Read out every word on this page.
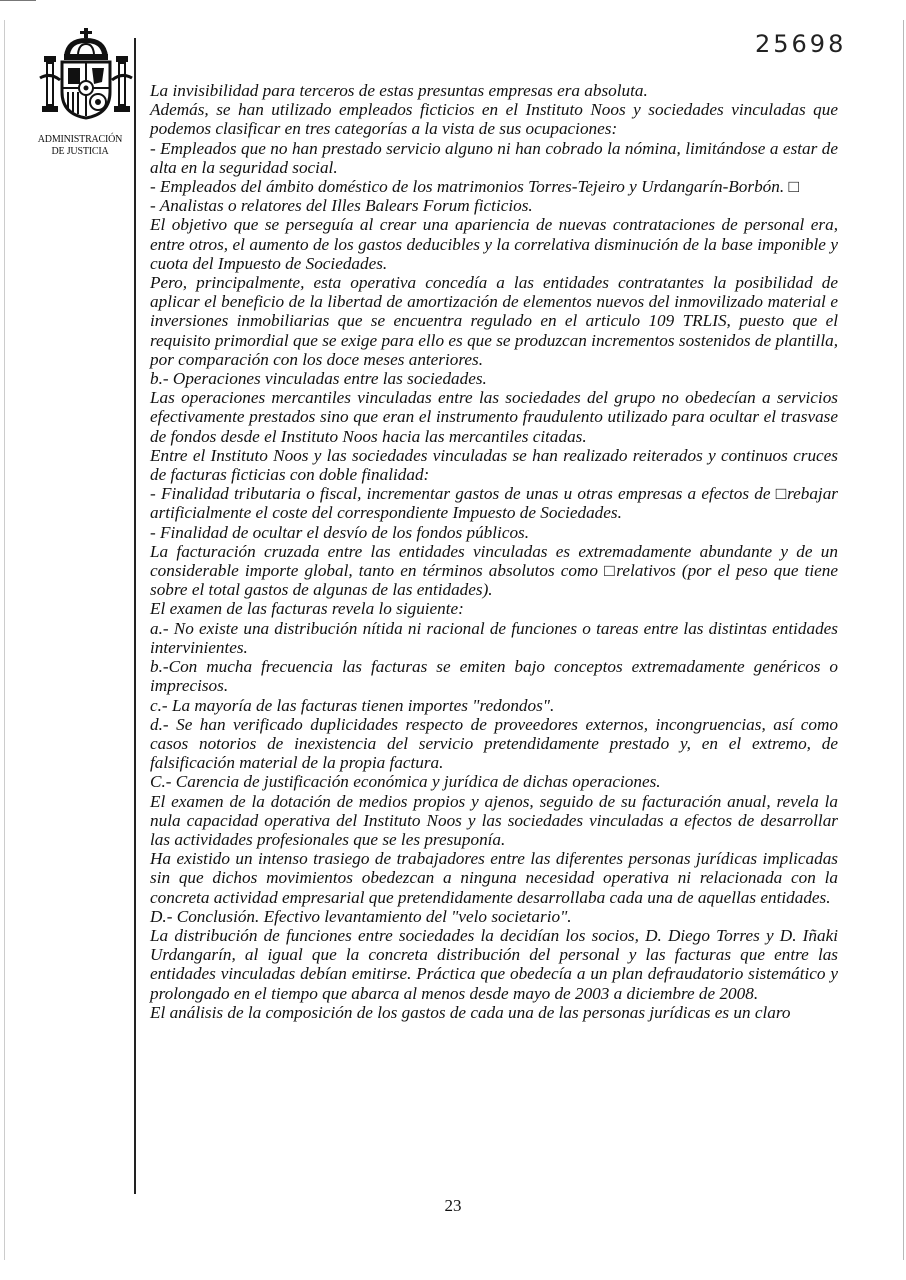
ADMINISTRACIÓN
DE JUSTICIA
25698

La invisibilidad para terceros de estas presuntas empresas era absoluta.

Además, se han utilizado empleados ficticios en el Instituto Noos y sociedades vinculadas que podemos clasificar en tres categorías a la vista de sus ocupaciones:

- Empleados que no han prestado servicio alguno ni han cobrado la nómina, limitándose a estar de alta en la seguridad social.

- Empleados del ámbito doméstico de los matrimonios Torres-Tejeiro y Urdangarín-Borbón. □

- Analistas o relatores del Illes Balears Forum ficticios.

El objetivo que se perseguía al crear una apariencia de nuevas contrataciones de personal era, entre otros, el aumento de los gastos deducibles y la correlativa disminución de la base imponible y cuota del Impuesto de Sociedades.

Pero, principalmente, esta operativa concedía a las entidades contratantes la posibilidad de aplicar el beneficio de la libertad de amortización de elementos nuevos del inmovilizado material e inversiones inmobiliarias que se encuentra regulado en el articulo 109 TRLIS, puesto que el requisito primordial que se exige para ello es que se produzcan incrementos sostenidos de plantilla, por comparación con los doce meses anteriores.

b.- Operaciones vinculadas entre las sociedades.

Las operaciones mercantiles vinculadas entre las sociedades del grupo no obedecían a servicios efectivamente prestados sino que eran el instrumento fraudulento utilizado para ocultar el trasvase de fondos desde el Instituto Noos hacia las mercantiles citadas.

Entre el Instituto Noos y las sociedades vinculadas se han realizado reiterados y continuos cruces de facturas ficticias con doble finalidad:

- Finalidad tributaria o fiscal, incrementar gastos de unas u otras empresas a efectos de □rebajar artificialmente el coste del correspondiente Impuesto de Sociedades.

- Finalidad de ocultar el desvío de los fondos públicos.

La facturación cruzada entre las entidades vinculadas es extremadamente abundante y de un considerable importe global, tanto en términos absolutos como □relativos (por el peso que tiene sobre el total gastos de algunas de las entidades).

El examen de las facturas revela lo siguiente:

a.- No existe una distribución nítida ni racional de funciones o tareas entre las distintas entidades intervinientes.

b.-Con mucha frecuencia las facturas se emiten bajo conceptos extremadamente genéricos o imprecisos.

c.- La mayoría de las facturas tienen importes "redondos".

d.- Se han verificado duplicidades respecto de proveedores externos, incongruencias, así como casos notorios de inexistencia del servicio pretendidamente prestado y, en el extremo, de falsificación material de la propia factura.

C.- Carencia de justificación económica y jurídica de dichas operaciones.

El examen de la dotación de medios propios y ajenos, seguido de su facturación anual, revela la nula capacidad operativa del Instituto Noos y las sociedades vinculadas a efectos de desarrollar las actividades profesionales que se les presuponía.

Ha existido un intenso trasiego de trabajadores entre las diferentes personas jurídicas implicadas sin que dichos movimientos obedezcan a ninguna necesidad operativa ni relacionada con la concreta actividad empresarial que pretendidamente desarrollaba cada una de aquellas entidades.

D.- Conclusión. Efectivo levantamiento del "velo societario".

La distribución de funciones entre sociedades la decidían los socios, D. Diego Torres y D. Iñaki Urdangarín, al igual que la concreta distribución del personal y las facturas que entre las entidades vinculadas debían emitirse. Práctica que obedecía a un plan defraudatorio sistemático y prolongado en el tiempo que abarca al menos desde mayo de 2003 a diciembre de 2008.

El análisis de la composición de los gastos de cada una de las personas jurídicas es un claro

23
